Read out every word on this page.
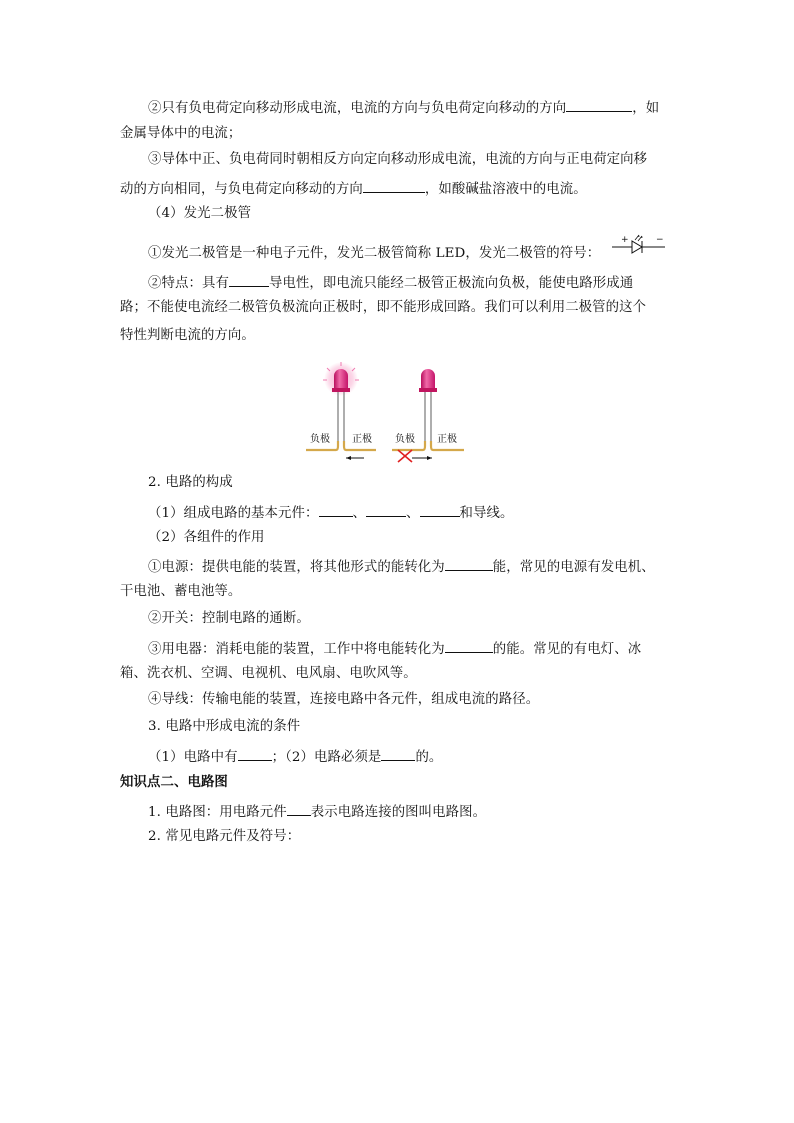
②只有负电荷定向移动形成电流，电流的方向与负电荷定向移动的方向	，如

金属导体中的电流；

③导体中正、负电荷同时朝相反方向定向移动形成电流，电流的方向与正电荷定向移

动的方向相同，与负电荷定向移动的方向	，如酸碱盐溶液中的电流。

（4）发光二极管

①发光二极管是一种电子元件，发光二极管简称 LED，发光二极管的符号：

+	−

②特点：具有	导电性，即电流只能经二极管正极流向负极，能使电路形成通

路；不能使电流经二极管负极流向正极时，即不能形成回路。我们可以利用二极管的这个

特性判断电流的方向。

负极 正极 负极 正极

2. 电路的构成

（1）组成电路的基本元件：	、	、	和导线。

（2）各组件的作用

①电源：提供电能的装置，将其他形式的能转化为	能，常见的电源有发电机、

干电池、蓄电池等。

②开关：控制电路的通断。

③用电器：消耗电能的装置，工作中将电能转化为	的能。常见的有电灯、冰

箱、洗衣机、空调、电视机、电风扇、电吹风等。

④导线：传输电能的装置，连接电路中各元件，组成电流的路径。

3. 电路中形成电流的条件

（1）电路中有	；（2）电路必须是	的。

知识点二、电路图

1. 电路图：用电路元件 表示电路连接的图叫电路图。

2. 常见电路元件及符号：
